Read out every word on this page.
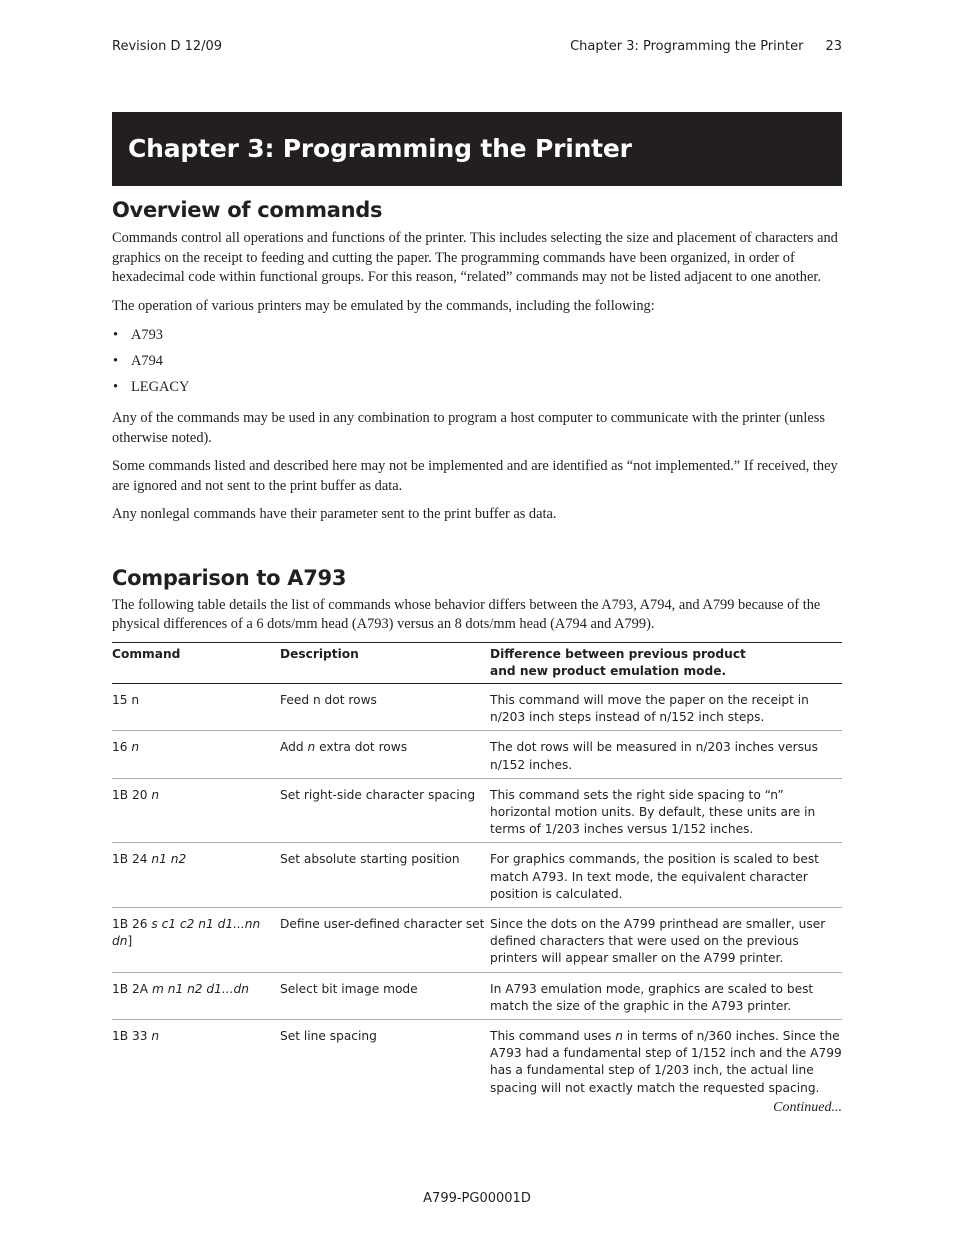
Revision D 12/09	Chapter 3: Programming the Printer 23
Chapter 3: Programming the Printer
Overview of commands

Commands control all operations and functions of the printer. This includes selecting the size and placement of characters and graphics on the receipt to feeding and cutting the paper. The programming commands have been organized, in order of hexadecimal code within functional groups. For this reason, “related” commands may not be listed adjacent to one another.

The operation of various printers may be emulated by the commands, including the following:

• A793
• A794
• LEGACY

Any of the commands may be used in any combination to program a host computer to communicate with the printer (unless otherwise noted).

Some commands listed and described here may not be implemented and are identified as “not implemented.” If received, they are ignored and not sent to the print buffer as data.

Any nonlegal commands have their parameter sent to the print buffer as data.

Comparison to A793

The following table details the list of commands whose behavior differs between the A793, A794, and A799 because of the physical differences of a 6 dots/mm head (A793) versus an 8 dots/mm head (A794 and A799).

Command	Description	Difference between previous product
and new product emulation mode.
15 n	Feed n dot rows	This command will move the paper on the receipt in n/203 inch steps instead of n/152 inch steps.
16 n	Add n extra dot rows	The dot rows will be measured in n/203 inches versus n/152 inches.
1B 20 n	Set right-side character spacing	This command sets the right side spacing to “n” horizontal motion units. By default, these units are in terms of 1/203 inches versus 1/152 inches.
1B 24 n1 n2	Set absolute starting position	For graphics commands, the position is scaled to best match A793. In text mode, the equivalent character position is calculated.
1B 26 s c1 c2 n1 d1...nn dn]	Define user-defined character set	Since the dots on the A799 printhead are smaller, user defined characters that were used on the previous printers will appear smaller on the A799 printer.
1B 2A m n1 n2 d1...dn	Select bit image mode	In A793 emulation mode, graphics are scaled to best match the size of the graphic in the A793 printer.
1B 33 n	Set line spacing	This command uses n in terms of n/360 inches. Since the A793 had a fundamental step of 1/152 inch and the A799 has a fundamental step of 1/203 inch, the actual line spacing will not exactly match the requested spacing.
Continued...
A799-PG00001D
